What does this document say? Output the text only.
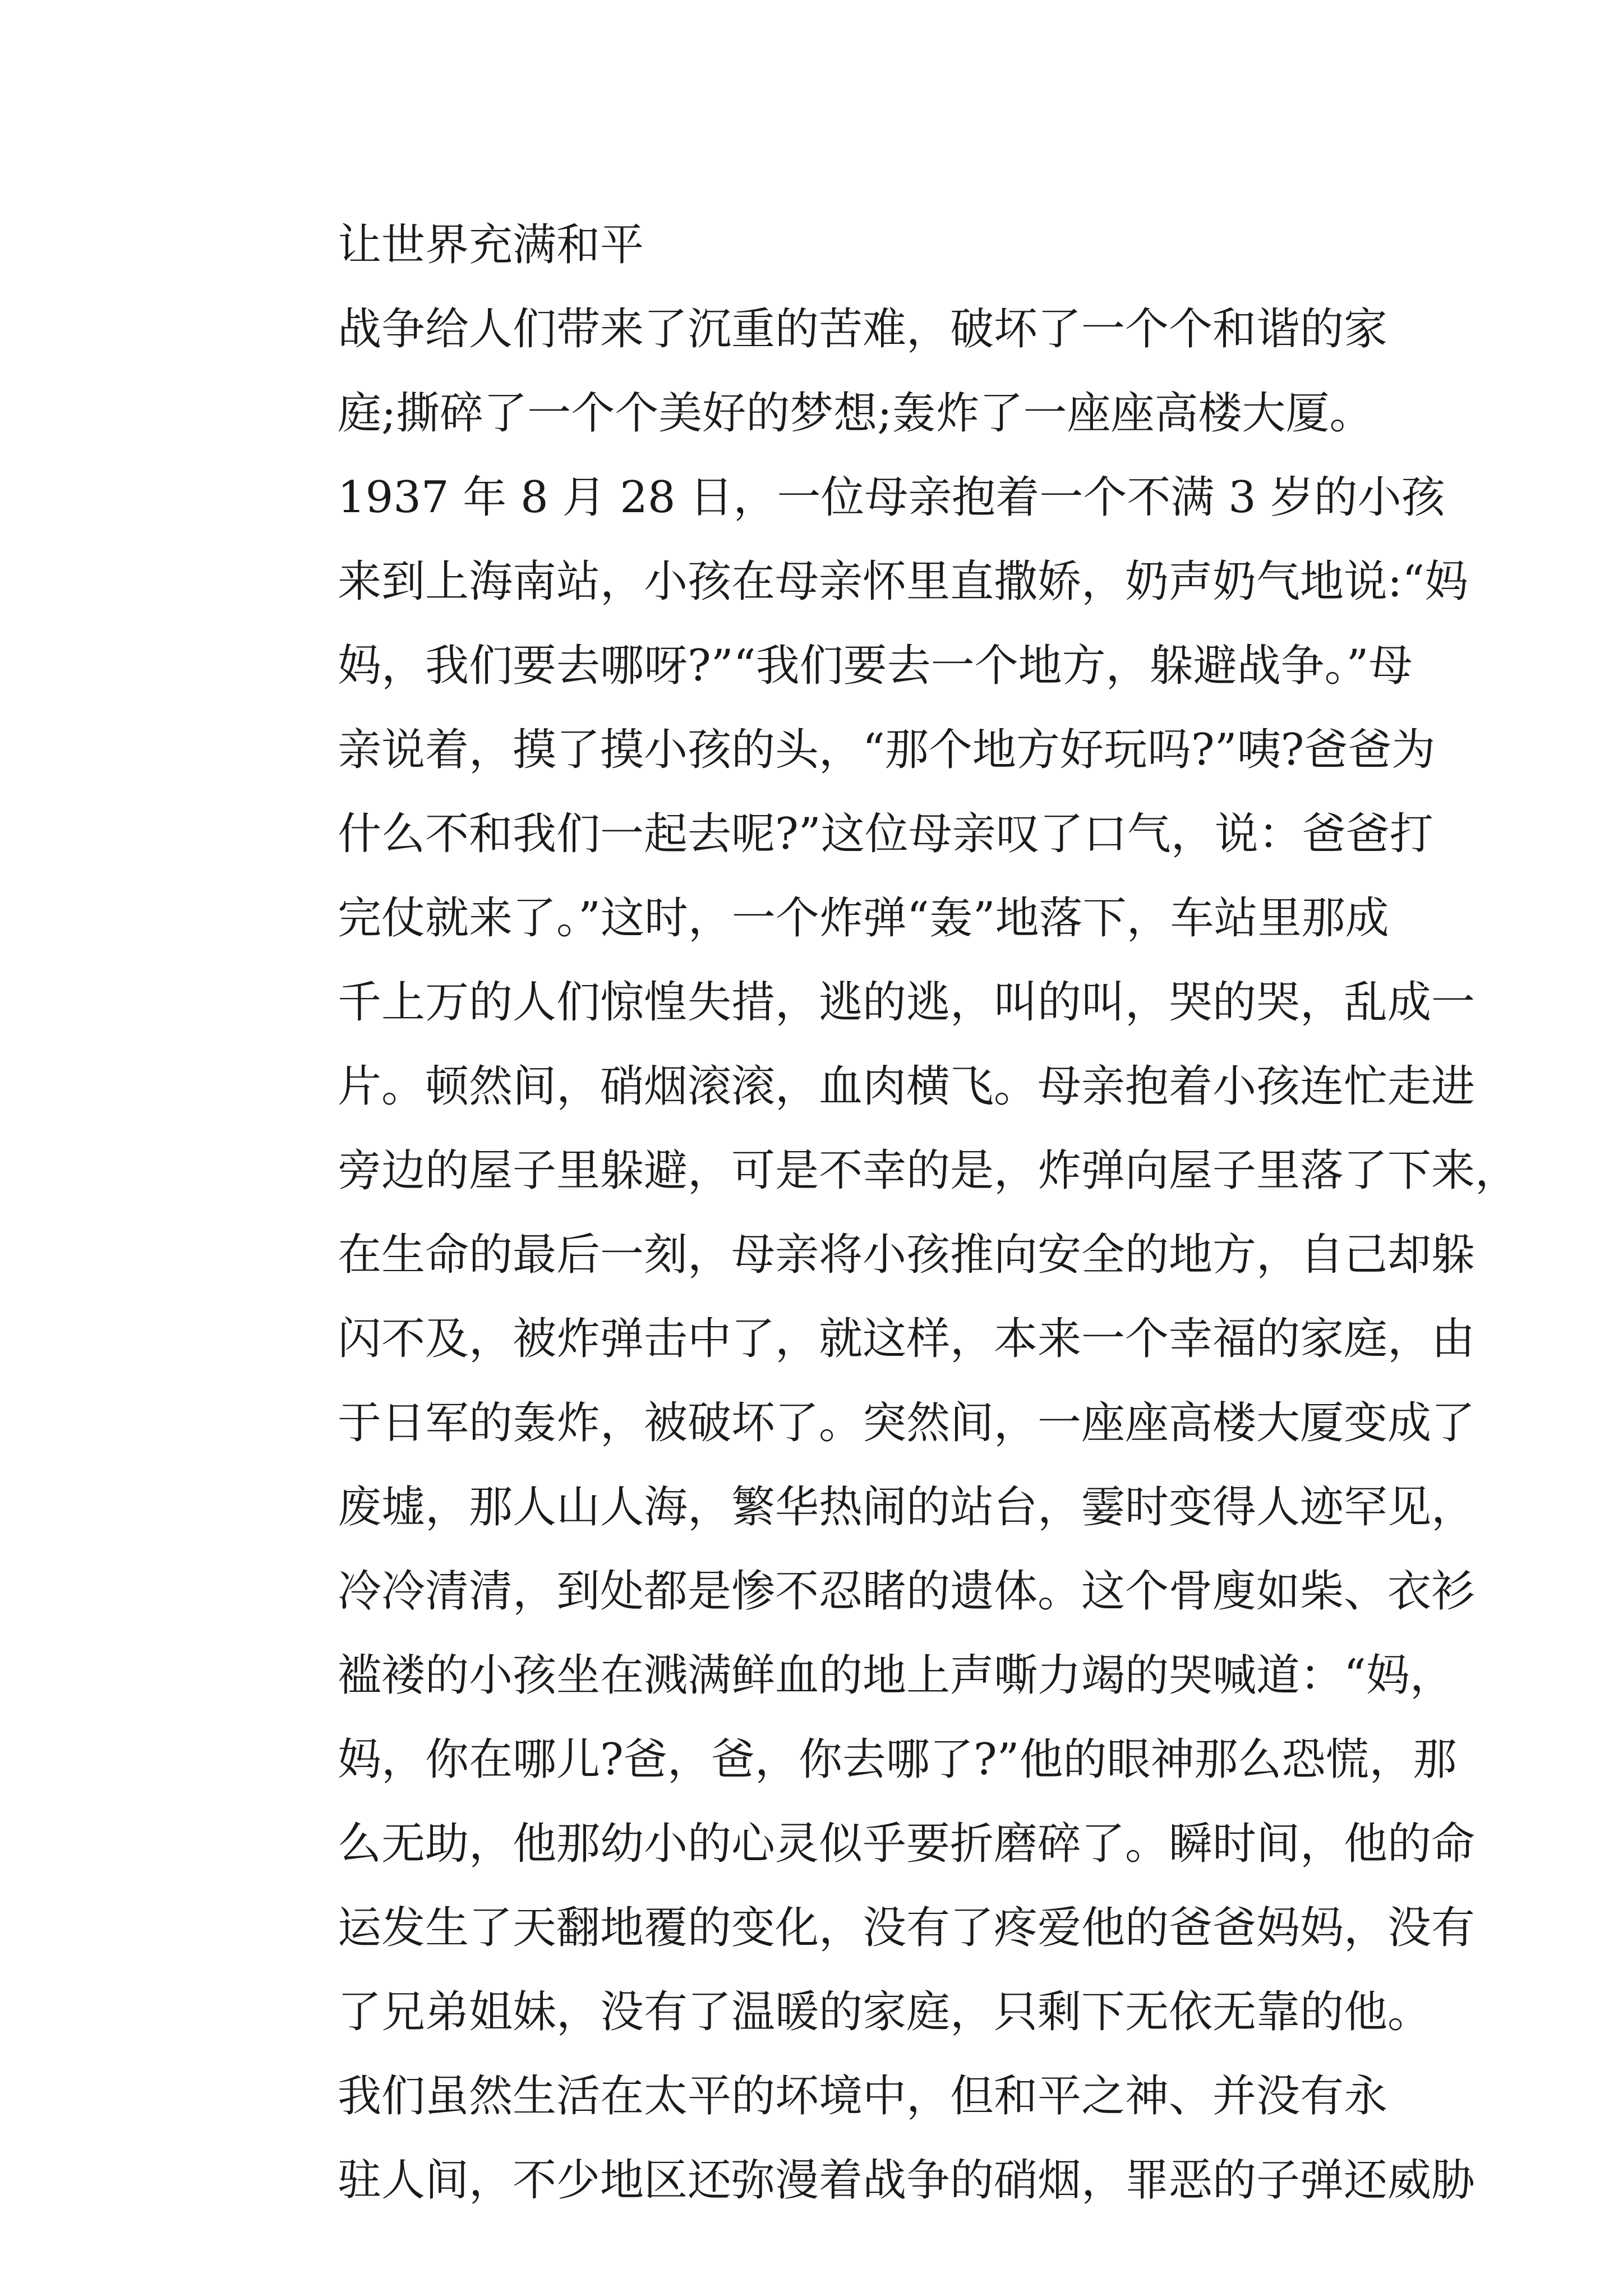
让世界充满和平
战争给人们带来了沉重的苦难，破坏了一个个和谐的家
庭;撕碎了一个个美好的梦想;轰炸了一座座高楼大厦。
1937 年 8 月 28 日，一位母亲抱着一个不满 3 岁的小孩
来到上海南站，小孩在母亲怀里直撒娇，奶声奶气地说:“妈
妈，我们要去哪呀?”“我们要去一个地方，躲避战争。”母
亲说着，摸了摸小孩的头，“那个地方好玩吗?”咦?爸爸为
什么不和我们一起去呢?”这位母亲叹了口气，说：爸爸打
完仗就来了。”这时，一个炸弹“轰”地落下，车站里那成
千上万的人们惊惶失措，逃的逃，叫的叫，哭的哭，乱成一
片。顿然间，硝烟滚滚，血肉横飞。母亲抱着小孩连忙走进
旁边的屋子里躲避，可是不幸的是，炸弹向屋子里落了下来，
在生命的最后一刻，母亲将小孩推向安全的地方，自己却躲
闪不及，被炸弹击中了，就这样，本来一个幸福的家庭，由
于日军的轰炸，被破坏了。突然间，一座座高楼大厦变成了
废墟，那人山人海，繁华热闹的站台，霎时变得人迹罕见，
冷冷清清，到处都是惨不忍睹的遗体。这个骨廋如柴、衣衫
褴褛的小孩坐在溅满鲜血的地上声嘶力竭的哭喊道：“妈，
妈，你在哪儿?爸，爸，你去哪了?”他的眼神那么恐慌，那
么无助，他那幼小的心灵似乎要折磨碎了。瞬时间，他的命
运发生了天翻地覆的变化，没有了疼爱他的爸爸妈妈，没有
了兄弟姐妹，没有了温暖的家庭，只剩下无依无靠的他。
我们虽然生活在太平的坏境中，但和平之神、并没有永
驻人间，不少地区还弥漫着战争的硝烟，罪恶的子弹还威胁
